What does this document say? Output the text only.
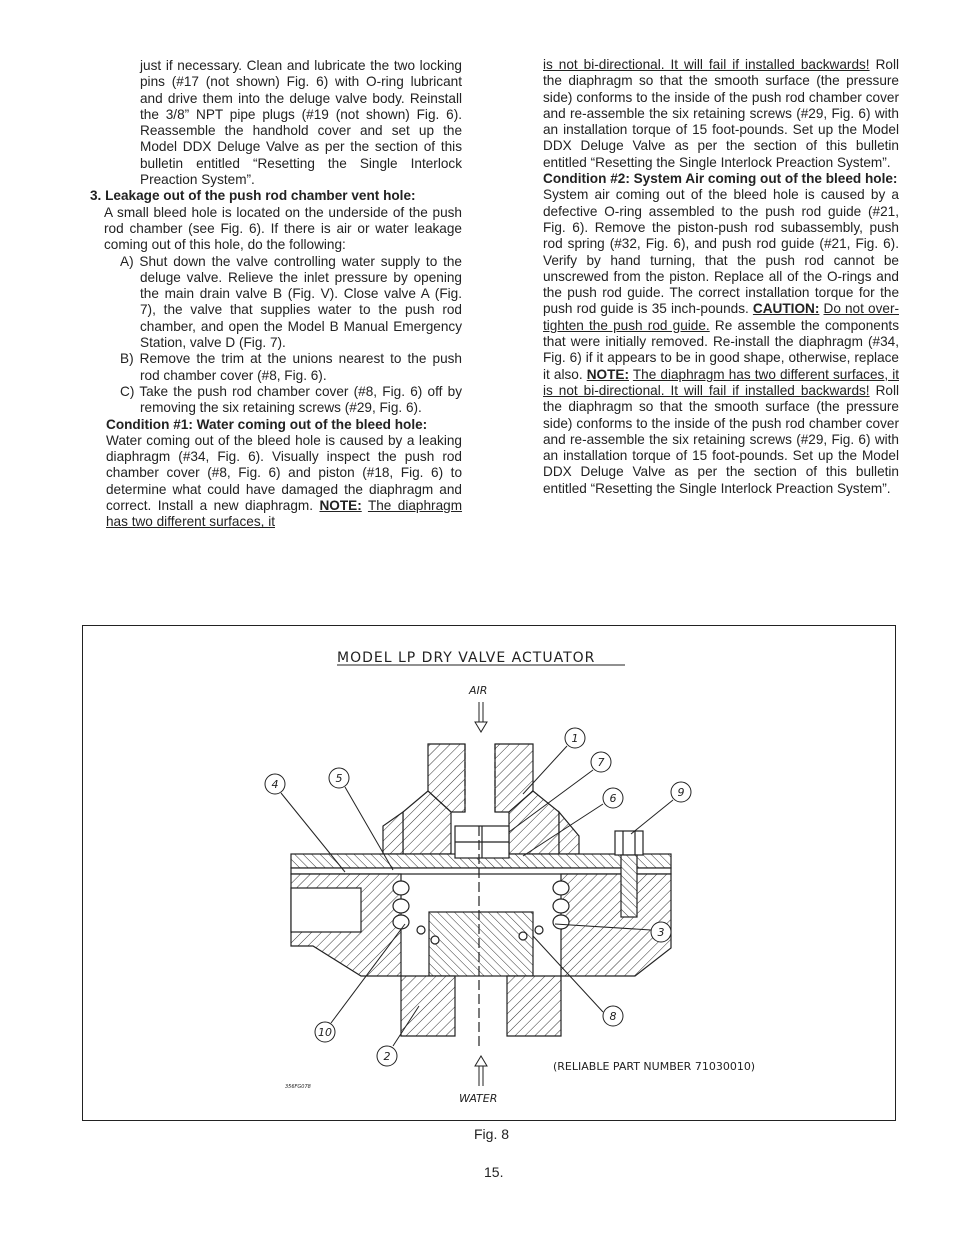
just if necessary. Clean and lubricate the two locking pins (#17 (not shown) Fig. 6) with O-ring lubricant and drive them into the deluge valve body. Reinstall the 3/8” NPT pipe plugs (#19 (not shown) Fig. 6). Reassemble the handhold cover and set up the Model DDX Deluge Valve as per the section of this bulletin entitled “Resetting the Single Interlock Preaction System”.

3. Leakage out of the push rod chamber vent hole:

A small bleed hole is located on the underside of the push rod chamber (see Fig. 6). If there is air or water leakage coming out of this hole, do the following:

A) Shut down the valve controlling water supply to the deluge valve. Relieve the inlet pressure by opening the main drain valve B (Fig. V). Close valve A (Fig. 7), the valve that supplies water to the push rod chamber, and open the Model B Manual Emergency Station, valve D (Fig. 7).

B) Remove the trim at the unions nearest to the push rod chamber cover (#8, Fig. 6).

C) Take the push rod chamber cover (#8, Fig. 6) off by removing the six retaining screws (#29, Fig. 6).

Condition #1: Water coming out of the bleed hole:

Water coming out of the bleed hole is caused by a leaking diaphragm (#34, Fig. 6). Visually inspect the push rod chamber cover (#8, Fig. 6) and piston (#18, Fig. 6) to determine what could have damaged the diaphragm and correct. Install a new diaphragm. NOTE: The diaphragm has two different surfaces, it

is not bi-directional. It will fail if installed backwards! Roll the diaphragm so that the smooth surface (the pressure side) conforms to the inside of the push rod chamber cover and re-assemble the six retaining screws (#29, Fig. 6) with an installation torque of 15 foot-pounds. Set up the Model DDX Deluge Valve as per the section of this bulletin entitled “Resetting the Single Interlock Preaction System”.

Condition #2: System Air coming out of the bleed hole:

System air coming out of the bleed hole is caused by a defective O-ring assembled to the push rod guide (#21, Fig. 6). Remove the piston-push rod subassembly, push rod spring (#32, Fig. 6), and push rod guide (#21, Fig. 6). Verify by hand turning, that the push rod cannot be unscrewed from the piston. Replace all of the O-rings and the push rod guide. The correct installation torque for the push rod guide is 35 inch-pounds. CAUTION: Do not over-tighten the push rod guide. Re assemble the components that were initially removed. Re-install the diaphragm (#34, Fig. 6) if it appears to be in good shape, otherwise, replace it also. NOTE: The diaphragm has two different surfaces, it is not bi-directional. It will fail if installed backwards! Roll the diaphragm so that the smooth surface (the pressure side) conforms to the inside of the push rod chamber cover and re-assemble the six retaining screws (#29, Fig. 6) with an installation torque of 15 foot-pounds. Set up the Model DDX Deluge Valve as per the section of this bulletin entitled “Resetting the Single Interlock Preaction System”.

MODEL LP DRY VALVE ACTUATOR
AIR
1
2
3
4	5
6
7
8
9
10
WATER
(RELIABLE PART NUMBER 71030010)
356FG078
Fig. 8
15.
